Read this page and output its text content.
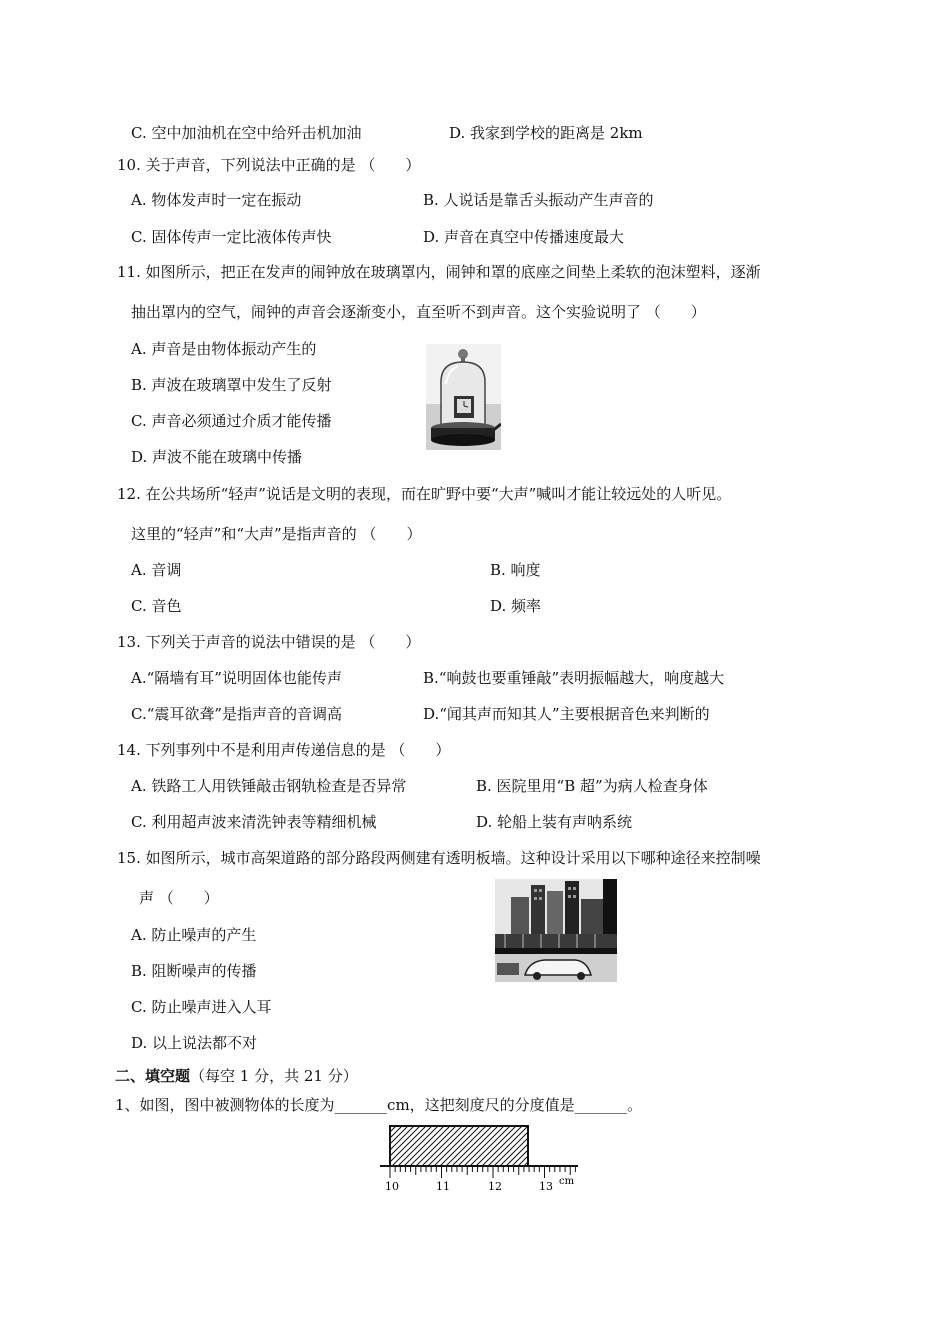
C. 空中加油机在空中给歼击机加油	D. 我家到学校的距离是 2km
10. 关于声音，下列说法中正确的是 （　　）
A. 物体发声时一定在振动	B. 人说话是靠舌头振动产生声音的
C. 固体传声一定比液体传声快	D. 声音在真空中传播速度最大
11. 如图所示，把正在发声的闹钟放在玻璃罩内，闹钟和罩的底座之间垫上柔软的泡沫塑料，逐渐
抽出罩内的空气，闹钟的声音会逐渐变小，直至听不到声音。这个实验说明了 （　　）
A. 声音是由物体振动产生的
B. 声波在玻璃罩中发生了反射
C. 声音必须通过介质才能传播
D. 声波不能在玻璃中传播
12. 在公共场所“轻声”说话是文明的表现，而在旷野中要“大声”喊叫才能让较远处的人听见。
这里的“轻声”和“大声”是指声音的 （　　）
A. 音调	B. 响度
C. 音色	D. 频率
13. 下列关于声音的说法中错误的是 （　　）
A.“隔墙有耳”说明固体也能传声	B.“响鼓也要重锤敲”表明振幅越大，响度越大
C.“震耳欲聋”是指声音的音调高	D.“闻其声而知其人”主要根据音色来判断的
14. 下列事列中不是利用声传递信息的是 （　　）
A. 铁路工人用铁锤敲击钢轨检查是否异常	B. 医院里用“B 超”为病人检查身体
C. 利用超声波来清洗钟表等精细机械	D. 轮船上装有声呐系统
15. 如图所示，城市高架道路的部分路段两侧建有透明板墙。这种设计采用以下哪种途径来控制噪
声 （　　）
A. 防止噪声的产生
B. 阻断噪声的传播
C. 防止噪声进入人耳
D. 以上说法都不对
二、填空题（每空 1 分，共 21 分）
1、如图，图中被测物体的长度为_______cm，这把刻度尺的分度值是_______。
10	11	12	13 cm
